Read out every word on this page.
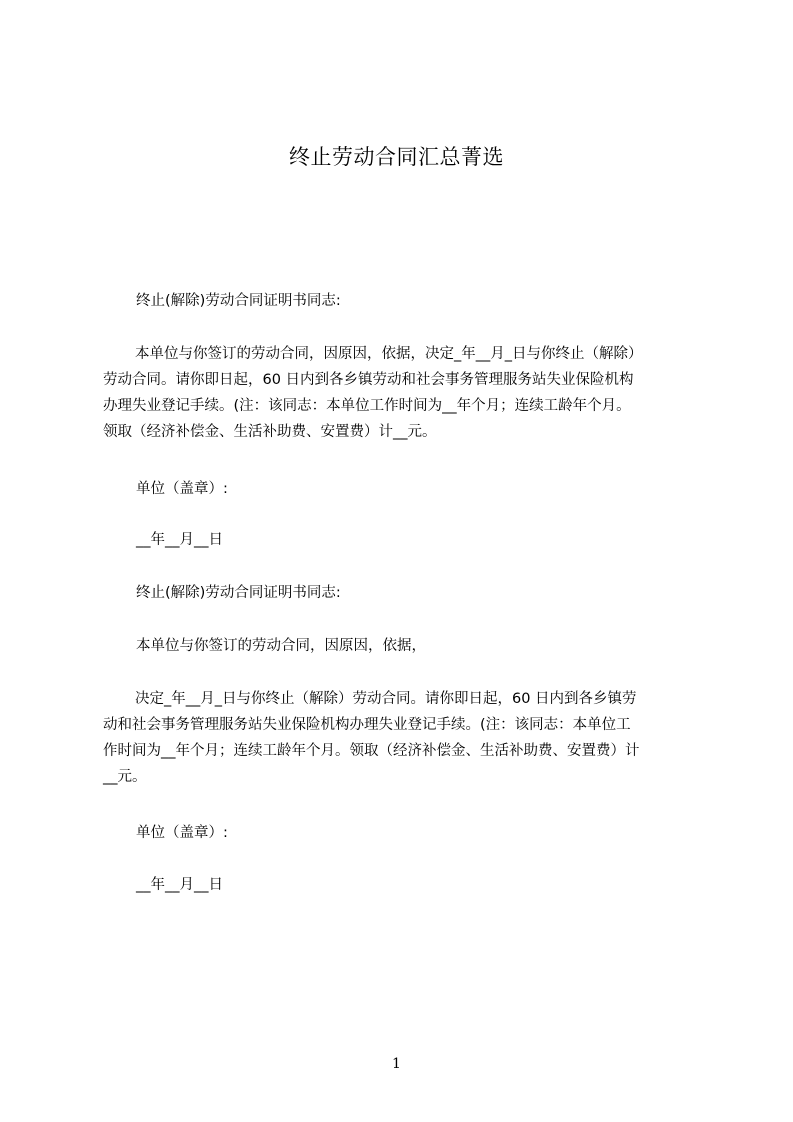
终止劳动合同汇总菁选
终止(解除)劳动合同证明书同志:
本单位与你签订的劳动合同，因原因，依据，决定_年__月_日与你终止（解除）
劳动合同。请你即日起，60 日内到各乡镇劳动和社会事务管理服务站失业保险机构
办理失业登记手续。(注：该同志：本单位工作时间为__年个月；连续工龄年个月。
领取（经济补偿金、生活补助费、安置费）计__元。
单位（盖章）:
__年__月__日
终止(解除)劳动合同证明书同志:
本单位与你签订的劳动合同，因原因，依据，
决定_年__月_日与你终止（解除）劳动合同。请你即日起，60 日内到各乡镇劳
动和社会事务管理服务站失业保险机构办理失业登记手续。(注：该同志：本单位工
作时间为__年个月；连续工龄年个月。领取（经济补偿金、生活补助费、安置费）计
__元。
单位（盖章）:
__年__月__日
1
